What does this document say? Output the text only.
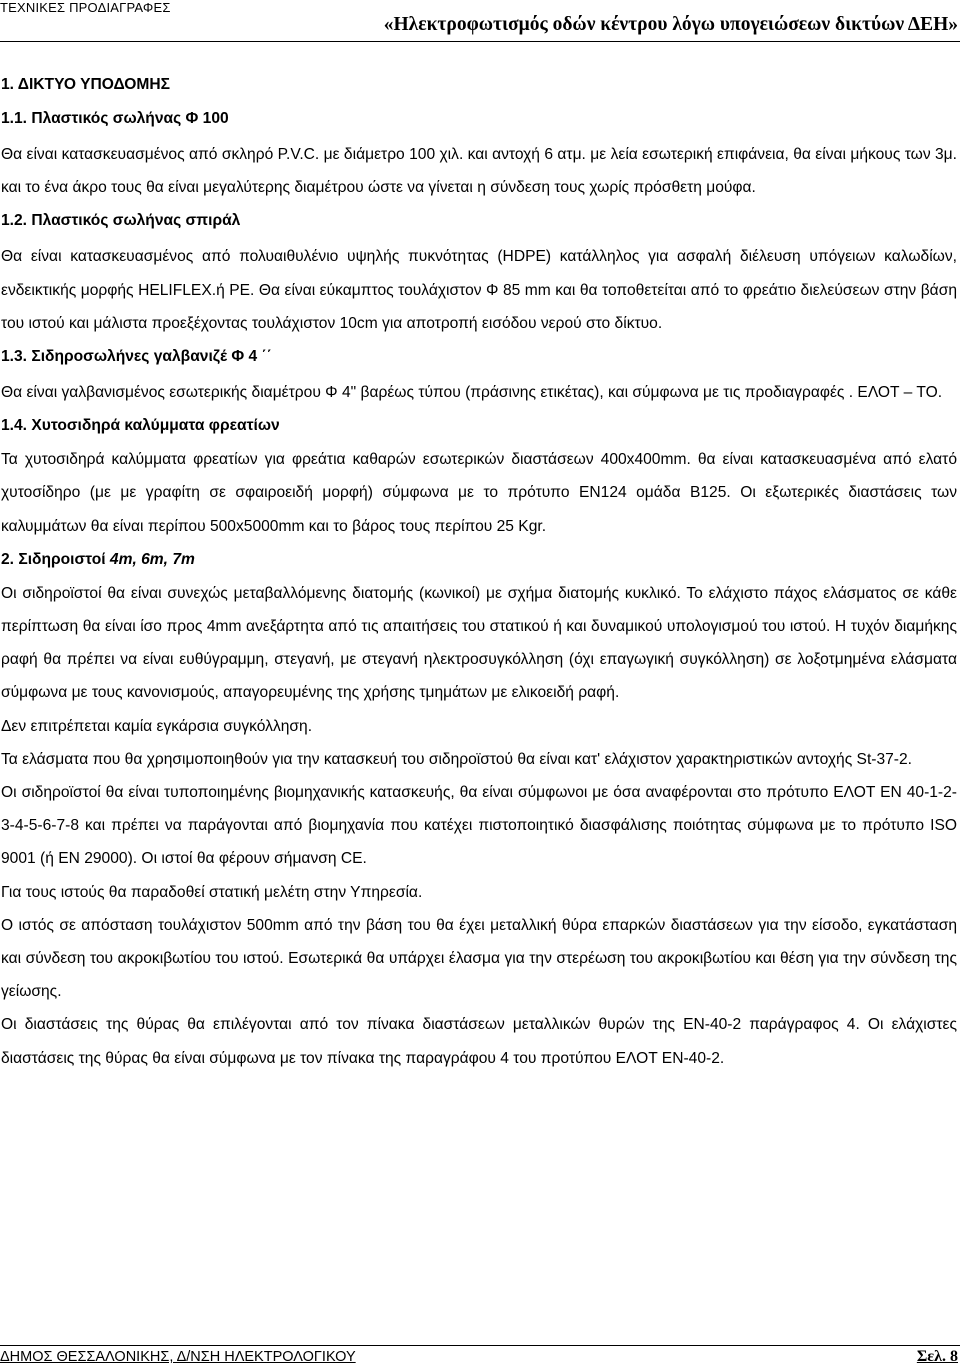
ΤΕΧΝΙΚΕΣ ΠΡΟΔΙΑΓΡΑΦΕΣ
«Ηλεκτροφωτισμός οδών κέντρου λόγω υπογειώσεων δικτύων ΔΕΗ»

1. ΔΙΚΤΥΟ ΥΠΟΔΟΜΗΣ

1.1. Πλαστικός σωλήνας Φ 100

Θα είναι κατασκευασμένος από σκληρό P.V.C. με διάμετρο 100 χιλ. και αντοχή 6 ατμ. με λεία εσωτερική επιφάνεια, θα είναι μήκους των 3μ. και το ένα άκρο τους θα είναι μεγαλύτερης διαμέτρου ώστε να γίνεται η σύνδεση τους χωρίς πρόσθετη μούφα.

1.2. Πλαστικός σωλήνας σπιράλ

Θα είναι κατασκευασμένος από πολυαιθυλένιο υψηλής πυκνότητας (HDPE) κατάλληλος για ασφαλή διέλευση υπόγειων καλωδίων, ενδεικτικής μορφής HELIFLEX.ή PE. Θα είναι εύκαμπτος τουλάχιστον Φ 85 mm και θα τοποθετείται από το φρεάτιο διελεύσεων στην βάση του ιστού και μάλιστα προεξέχοντας τουλάχιστον 10cm για αποτροπή εισόδου νερού στο δίκτυο.

1.3. Σιδηροσωλήνες γαλβανιζέ Φ 4 ΄΄

Θα είναι γαλβανισμένος εσωτερικής διαμέτρου Φ 4" βαρέως τύπου (πράσινης ετικέτας), και σύμφωνα με τις προδιαγραφές . ΕΛΟΤ – ΤΟ.

1.4. Χυτοσιδηρά καλύμματα φρεατίων

Τα χυτοσιδηρά καλύμματα φρεατίων για φρεάτια καθαρών εσωτερικών διαστάσεων 400x400mm. θα είναι κατασκευασμένα από ελατό χυτοσίδηρο (με με γραφίτη σε σφαιροειδή μορφή) σύμφωνα με το πρότυπο ΕΝ124 ομάδα Β125. Οι εξωτερικές διαστάσεις των καλυμμάτων θα είναι περίπου 500x5000mm και το βάρος τους περίπου 25 Kgr.

2. Σιδηροιστοί 4m, 6m, 7m

Οι σιδηροϊστοί θα είναι συνεχώς μεταβαλλόμενης διατομής (κωνικοί) με σχήμα διατομής κυκλικό. Το ελάχιστο πάχος ελάσματος σε κάθε περίπτωση θα είναι ίσο προς 4mm ανεξάρτητα από τις απαιτήσεις του στατικού ή και δυναμικού υπολογισμού του ιστού. Η τυχόν διαμήκης ραφή θα πρέπει να είναι ευθύγραμμη, στεγανή, με στεγανή ηλεκτροσυγκόλληση (όχι επαγωγική συγκόλληση) σε λοξοτμημένα ελάσματα σύμφωνα με τους κανονισμούς, απαγορευμένης της χρήσης τμημάτων με ελικοειδή ραφή.

Δεν επιτρέπεται καμία εγκάρσια συγκόλληση.

Τα ελάσματα που θα χρησιμοποιηθούν για την κατασκευή του σιδηροϊστού θα είναι κατ' ελάχιστον χαρακτηριστικών αντοχής St-37-2.

Οι σιδηροϊστοί θα είναι τυποποιημένης βιομηχανικής κατασκευής, θα είναι σύμφωνοι με όσα αναφέρονται στο πρότυπο ΕΛΟΤ ΕΝ 40-1-2-3-4-5-6-7-8 και πρέπει να παράγονται από βιομηχανία που κατέχει πιστοποιητικό διασφάλισης ποιότητας σύμφωνα με το πρότυπο ISO 9001 (ή EN 29000). Οι ιστοί θα φέρουν σήμανση CE.

Για τους ιστούς θα παραδοθεί στατική μελέτη στην Υπηρεσία.

Ο ιστός σε απόσταση τουλάχιστον 500mm από την βάση του θα έχει μεταλλική θύρα επαρκών διαστάσεων για την είσοδο, εγκατάσταση και σύνδεση του ακροκιβωτίου του ιστού. Εσωτερικά θα υπάρχει έλασμα για την στερέωση του ακροκιβωτίου και θέση για την σύνδεση της γείωσης.

Οι διαστάσεις της θύρας θα επιλέγονται από τον πίνακα διαστάσεων μεταλλικών θυρών της ΕΝ-40-2 παράγραφος 4. Οι ελάχιστες διαστάσεις της θύρας θα είναι σύμφωνα με τον πίνακα της παραγράφου 4 του προτύπου ΕΛΟΤ ΕΝ-40-2.

ΔΗΜΟΣ ΘΕΣΣΑΛΟΝΙΚΗΣ, Δ/ΝΣΗ ΗΛΕΚΤΡΟΛΟΓΙΚΟΥ	Σελ. 8
